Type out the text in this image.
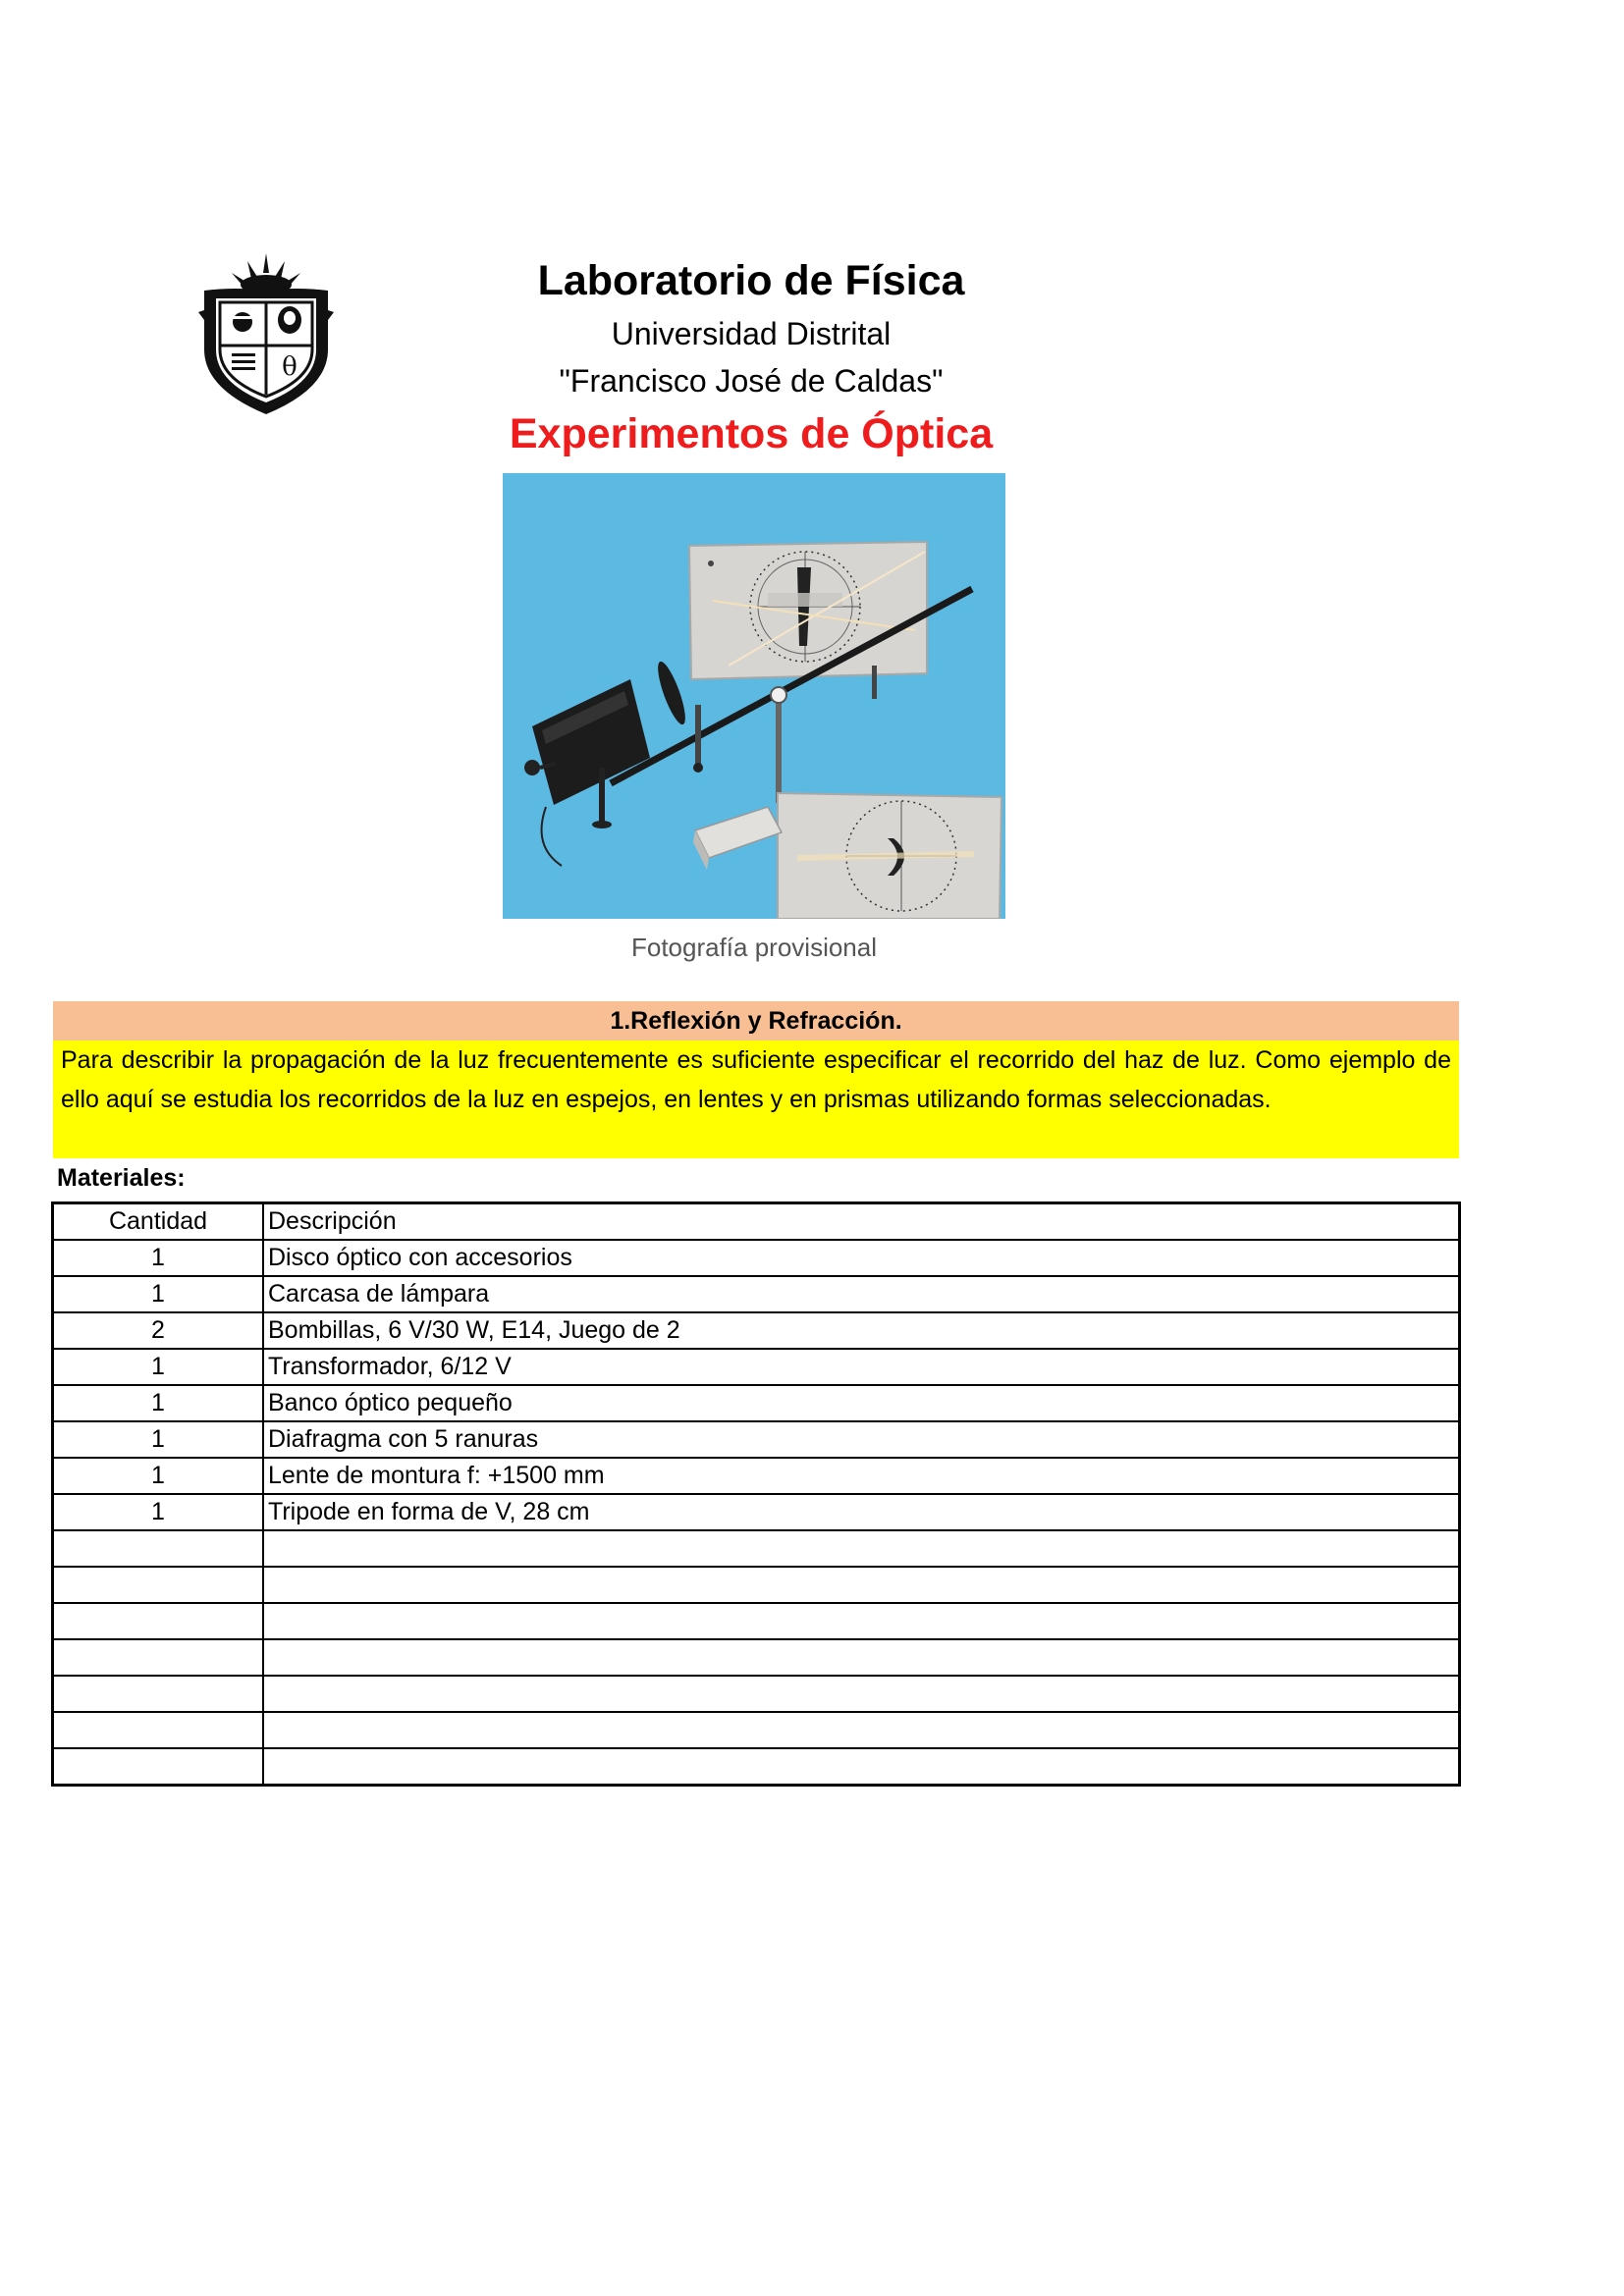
θ
Laboratorio de Física
Universidad Distrital
"Francisco José de Caldas"
Experimentos de Óptica
Fotografía provisional
1.Reflexión y Refracción.
Para describir la propagación de la luz frecuentemente es suficiente especificar el recorrido del haz de luz. Como ejemplo de ello aquí se estudia los recorridos de la luz en espejos, en lentes y en prismas utilizando formas seleccionadas.
Materiales:
Cantidad	Descripción
1	Disco óptico con accesorios
1	Carcasa de lámpara
2	Bombillas, 6 V/30 W, E14, Juego de 2
1	Transformador, 6/12 V
1	Banco óptico pequeño
1	Diafragma con 5 ranuras
1	Lente de montura f: +1500 mm
1	Tripode en forma de V, 28 cm
